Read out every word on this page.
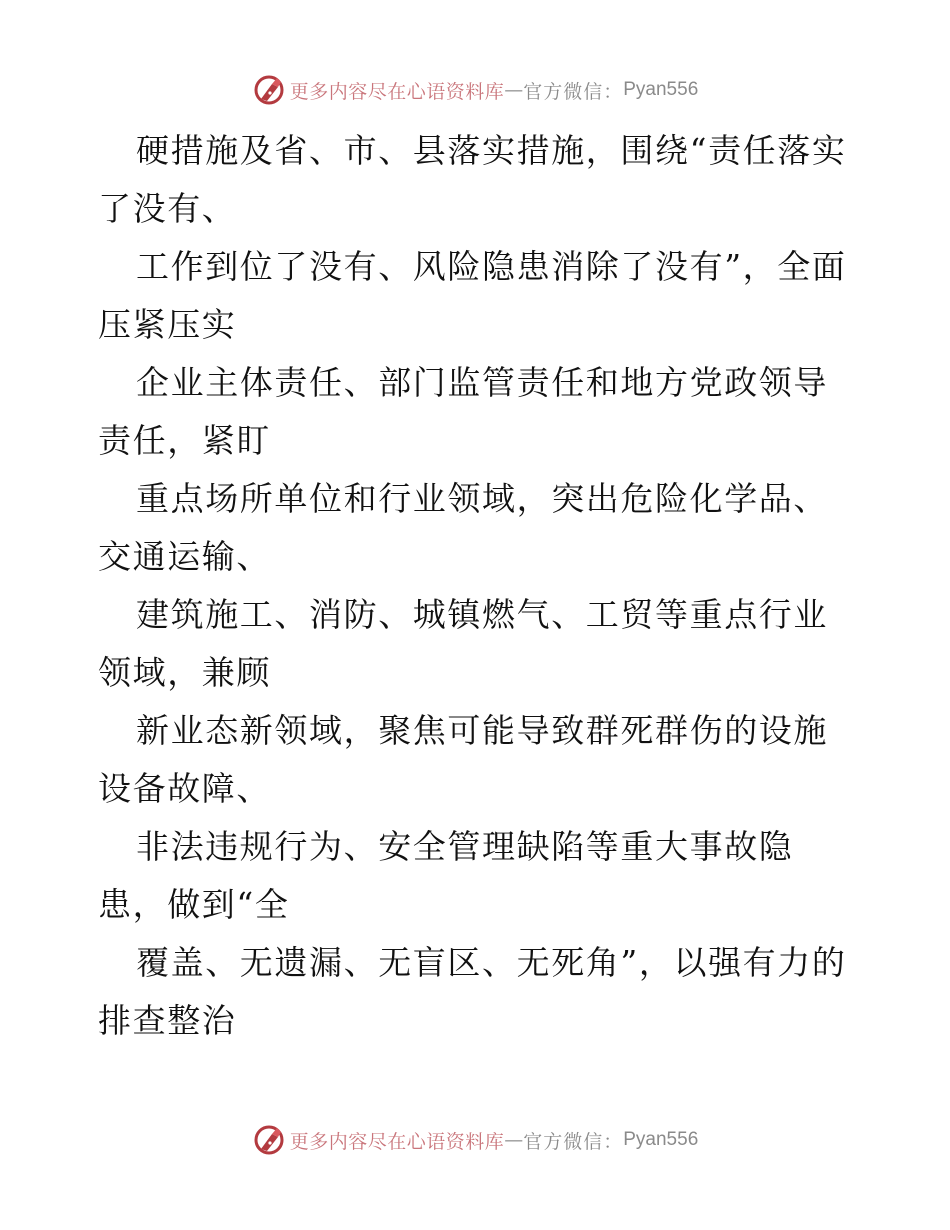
更多内容尽在心语资料库 — 官方微信： Pyan556

硬措施及省、市、县落实措施，围绕“责任落实了没有、

工作到位了没有、风险隐患消除了没有”，全面压紧压实

企业主体责任、部门监管责任和地方党政领导责任，紧盯

重点场所单位和行业领域，突出危险化学品、交通运输、

建筑施工、消防、城镇燃气、工贸等重点行业领域，兼顾

新业态新领域，聚焦可能导致群死群伤的设施设备故障、

非法违规行为、安全管理缺陷等重大事故隐患，做到“全

覆盖、无遗漏、无盲区、无死角”，以强有力的排查整治

更多内容尽在心语资料库 — 官方微信： Pyan556
